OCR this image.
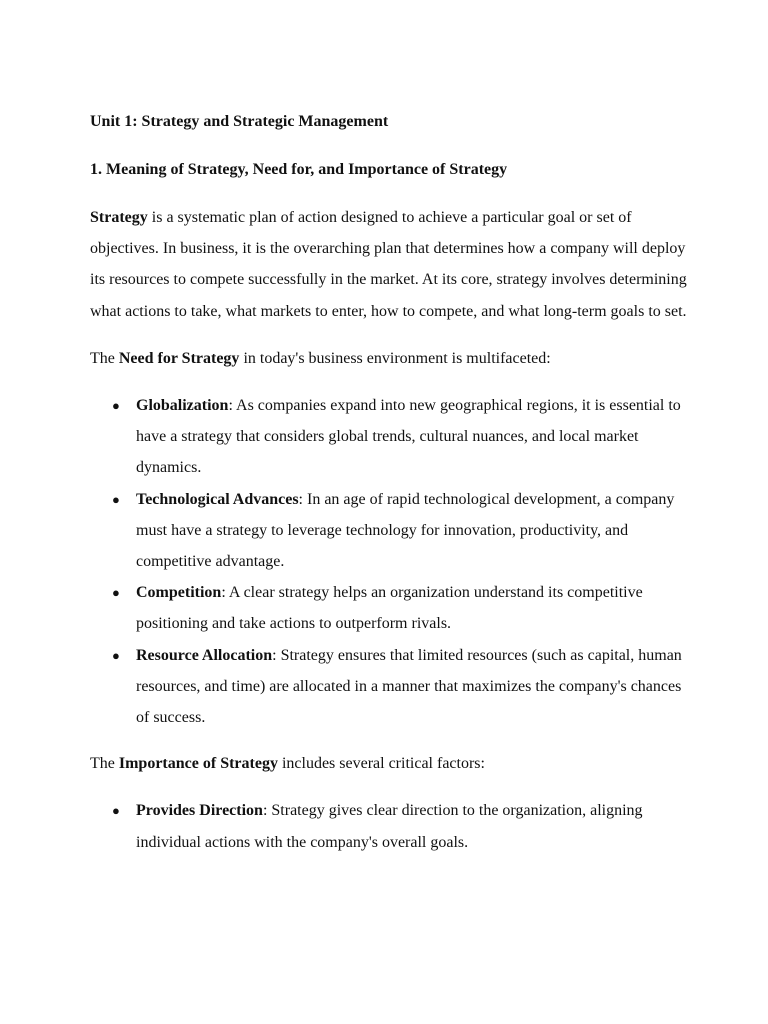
Unit 1: Strategy and Strategic Management
1. Meaning of Strategy, Need for, and Importance of Strategy

Strategy is a systematic plan of action designed to achieve a particular goal or set of objectives. In business, it is the overarching plan that determines how a company will deploy its resources to compete successfully in the market. At its core, strategy involves determining what actions to take, what markets to enter, how to compete, and what long-term goals to set.

The Need for Strategy in today's business environment is multifaceted:

● Globalization: As companies expand into new geographical regions, it is essential to have a strategy that considers global trends, cultural nuances, and local market dynamics.
● Technological Advances: In an age of rapid technological development, a company must have a strategy to leverage technology for innovation, productivity, and competitive advantage.
● Competition: A clear strategy helps an organization understand its competitive positioning and take actions to outperform rivals.
● Resource Allocation: Strategy ensures that limited resources (such as capital, human resources, and time) are allocated in a manner that maximizes the company's chances of success.

The Importance of Strategy includes several critical factors:

● Provides Direction: Strategy gives clear direction to the organization, aligning individual actions with the company's overall goals.
